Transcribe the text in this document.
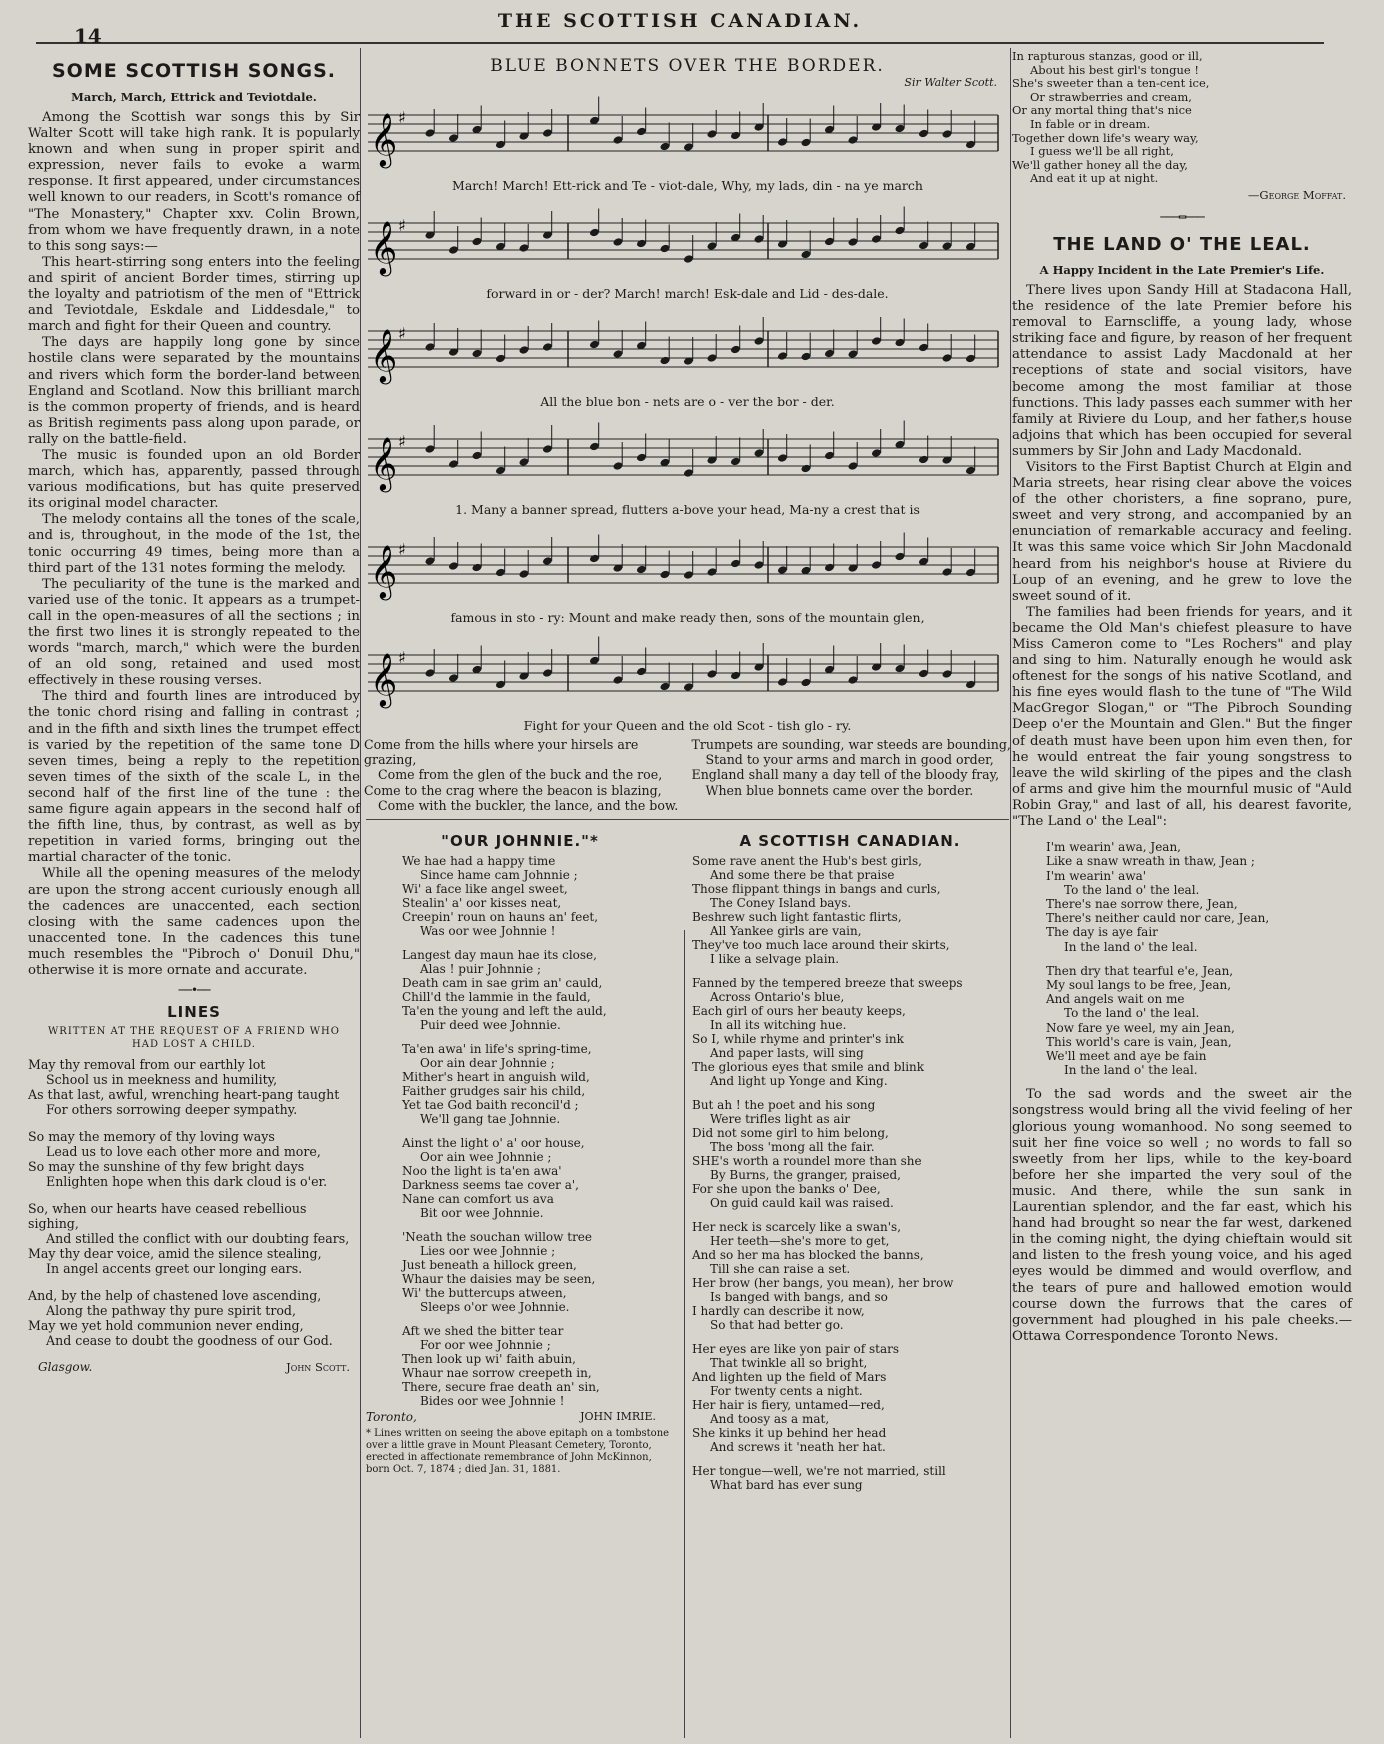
14
THE SCOTTISH CANADIAN.
SOME SCOTTISH SONGS.
March, March, Ettrick and Teviotdale.

Among the Scottish war songs this by Sir Walter Scott will take high rank. It is popularly known and when sung in proper spirit and expression, never fails to evoke a warm response. It first appeared, under circumstances well known to our readers, in Scott's romance of "The Monastery," Chapter xxv. Colin Brown, from whom we have frequently drawn, in a note to this song says:—

This heart-stirring song enters into the feeling and spirit of ancient Border times, stirring up the loyalty and patriotism of the men of "Ettrick and Teviotdale, Eskdale and Liddesdale," to march and fight for their Queen and country.

The days are happily long gone by since hostile clans were separated by the mountains and rivers which form the border-land between England and Scotland. Now this brilliant march is the common property of friends, and is heard as British regiments pass along upon parade, or rally on the battle-field.

The music is founded upon an old Border march, which has, apparently, passed through various modifications, but has quite preserved its original model character.

The melody contains all the tones of the scale, and is, throughout, in the mode of the 1st, the tonic occurring 49 times, being more than a third part of the 131 notes forming the melody.

The peculiarity of the tune is the marked and varied use of the tonic. It appears as a trumpet-call in the open-measures of all the sections ; in the first two lines it is strongly repeated to the words "march, march," which were the burden of an old song, retained and used most effectively in these rousing verses.

The third and fourth lines are introduced by the tonic chord rising and falling in contrast ; and in the fifth and sixth lines the trumpet effect is varied by the repetition of the same tone D seven times, being a reply to the repetition seven times of the sixth of the scale L, in the second half of the first line of the tune : the same figure again appears in the second half of the fifth line, thus, by contrast, as well as by repetition in varied forms, bringing out the martial character of the tonic.

While all the opening measures of the melody are upon the strong accent curiously enough all the cadences are unaccented, each section closing with the same cadences upon the unaccented tone. In the cadences this tune much resembles the "Pibroch o' Donuil Dhu," otherwise it is more ornate and accurate.

──•──
LINES
WRITTEN AT THE REQUEST OF A FRIEND WHO HAD LOST A CHILD.
May thy removal from our earthly lot
School us in meekness and humility,
As that last, awful, wrenching heart-pang taught
For others sorrowing deeper sympathy.
So may the memory of thy loving ways
Lead us to love each other more and more,
So may the sunshine of thy few bright days
Enlighten hope when this dark cloud is o'er.
So, when our hearts have ceased rebellious sighing,
And stilled the conflict with our doubting fears,
May thy dear voice, amid the silence stealing,
In angel accents greet our longing ears.
And, by the help of chastened love ascending,
Along the pathway thy pure spirit trod,
May we yet hold communion never ending,
And cease to doubt the goodness of our God.
Glasgow.	John Scott.
BLUE BONNETS OVER THE BORDER.
Sir Walter Scott.
𝄞 ♯
March! March! Ett-rick and Te - viot-dale, Why, my lads, din - na ye march
𝄞 ♯
forward in or - der? March! march! Esk-dale and Lid - des-dale.
𝄞 ♯
All the blue bon - nets are o - ver the bor - der.
𝄞 ♯
1. Many a banner spread, flutters a-bove your head, Ma-ny a crest that is
𝄞 ♯
famous in sto - ry: Mount and make ready then, sons of the mountain glen,
𝄞 ♯
Fight for your Queen and the old Scot - tish glo - ry.
Come from the hills where your hirsels are grazing,
Come from the glen of the buck and the roe,
Come to the crag where the beacon is blazing,
Come with the buckler, the lance, and the bow.
Trumpets are sounding, war steeds are bounding,
Stand to your arms and march in good order,
England shall many a day tell of the bloody fray,
When blue bonnets came over the border.
"OUR JOHNNIE."*
We hae had a happy time
Since hame cam Johnnie ;
Wi' a face like angel sweet,
Stealin' a' oor kisses neat,
Creepin' roun on hauns an' feet,
Was oor wee Johnnie !
Langest day maun hae its close,
Alas ! puir Johnnie ;
Death cam in sae grim an' cauld,
Chill'd the lammie in the fauld,
Ta'en the young and left the auld,
Puir deed wee Johnnie.
Ta'en awa' in life's spring-time,
Oor ain dear Johnnie ;
Mither's heart in anguish wild,
Faither grudges sair his child,
Yet tae God baith reconcil'd ;
We'll gang tae Johnnie.
Ainst the light o' a' oor house,
Oor ain wee Johnnie ;
Noo the light is ta'en awa'
Darkness seems tae cover a',
Nane can comfort us ava
Bit oor wee Johnnie.
'Neath the souchan willow tree
Lies oor wee Johnnie ;
Just beneath a hillock green,
Whaur the daisies may be seen,
Wi' the buttercups atween,
Sleeps o'or wee Johnnie.
Aft we shed the bitter tear
For oor wee Johnnie ;
Then look up wi' faith abuin,
Whaur nae sorrow creepeth in,
There, secure frae death an' sin,
Bides oor wee Johnnie !
Toronto,	JOHN IMRIE.
* Lines written on seeing the above epitaph on a tombstone over a little grave in Mount Pleasant Cemetery, Toronto, erected in affectionate remembrance of John McKinnon, born Oct. 7, 1874 ; died Jan. 31, 1881.
A SCOTTISH CANADIAN.
Some rave anent the Hub's best girls,
And some there be that praise
Those flippant things in bangs and curls,
The Coney Island bays.
Beshrew such light fantastic flirts,
All Yankee girls are vain,
They've too much lace around their skirts,
I like a selvage plain.
Fanned by the tempered breeze that sweeps
Across Ontario's blue,
Each girl of ours her beauty keeps,
In all its witching hue.
So I, while rhyme and printer's ink
And paper lasts, will sing
The glorious eyes that smile and blink
And light up Yonge and King.
But ah ! the poet and his song
Were trifles light as air
Did not some girl to him belong,
The boss 'mong all the fair.
SHE's worth a roundel more than she
By Burns, the granger, praised,
For she upon the banks o' Dee,
On guid cauld kail was raised.
Her neck is scarcely like a swan's,
Her teeth—she's more to get,
And so her ma has blocked the banns,
Till she can raise a set.
Her brow (her bangs, you mean), her brow
Is banged with bangs, and so
I hardly can describe it now,
So that had better go.
Her eyes are like yon pair of stars
That twinkle all so bright,
And lighten up the field of Mars
For twenty cents a night.
Her hair is fiery, untamed—red,
And toosy as a mat,
She kinks it up behind her head
And screws it 'neath her hat.
Her tongue—well, we're not married, still
What bard has ever sung
In rapturous stanzas, good or ill,
About his best girl's tongue !
She's sweeter than a ten-cent ice,
Or strawberries and cream,
Or any mortal thing that's nice
In fable or in dream.
Together down life's weary way,
I guess we'll be all right,
We'll gather honey all the day,
And eat it up at night.
—George Moffat.
───═───
THE LAND O' THE LEAL.
A Happy Incident in the Late Premier's Life.

There lives upon Sandy Hill at Stadacona Hall, the residence of the late Premier before his removal to Earnscliffe, a young lady, whose striking face and figure, by reason of her frequent attendance to assist Lady Macdonald at her receptions of state and social visitors, have become among the most familiar at those functions. This lady passes each summer with her family at Riviere du Loup, and her father,s house adjoins that which has been occupied for several summers by Sir John and Lady Macdonald.

Visitors to the First Baptist Church at Elgin and Maria streets, hear rising clear above the voices of the other choristers, a fine soprano, pure, sweet and very strong, and accompanied by an enunciation of remarkable accuracy and feeling. It was this same voice which Sir John Macdonald heard from his neighbor's house at Riviere du Loup of an evening, and he grew to love the sweet sound of it.

The families had been friends for years, and it became the Old Man's chiefest pleasure to have Miss Cameron come to "Les Rochers" and play and sing to him. Naturally enough he would ask oftenest for the songs of his native Scotland, and his fine eyes would flash to the tune of "The Wild MacGregor Slogan," or "The Pibroch Sounding Deep o'er the Mountain and Glen." But the finger of death must have been upon him even then, for he would entreat the fair young songstress to leave the wild skirling of the pipes and the clash of arms and give him the mournful music of "Auld Robin Gray," and last of all, his dearest favorite, "The Land o' the Leal":

I'm wearin' awa, Jean,
Like a snaw wreath in thaw, Jean ;
I'm wearin' awa'
To the land o' the leal.
There's nae sorrow there, Jean,
There's neither cauld nor care, Jean,
The day is aye fair
In the land o' the leal.
Then dry that tearful e'e, Jean,
My soul langs to be free, Jean,
And angels wait on me
To the land o' the leal.
Now fare ye weel, my ain Jean,
This world's care is vain, Jean,
We'll meet and aye be fain
In the land o' the leal.

To the sad words and the sweet air the songstress would bring all the vivid feeling of her glorious young womanhood. No song seemed to suit her fine voice so well ; no words to fall so sweetly from her lips, while to the key-board before her she imparted the very soul of the music. And there, while the sun sank in Laurentian splendor, and the far east, which his hand had brought so near the far west, darkened in the coming night, the dying chieftain would sit and listen to the fresh young voice, and his aged eyes would be dimmed and would overflow, and the tears of pure and hallowed emotion would course down the furrows that the cares of government had ploughed in his pale cheeks.—Ottawa Correspondence Toronto News.
